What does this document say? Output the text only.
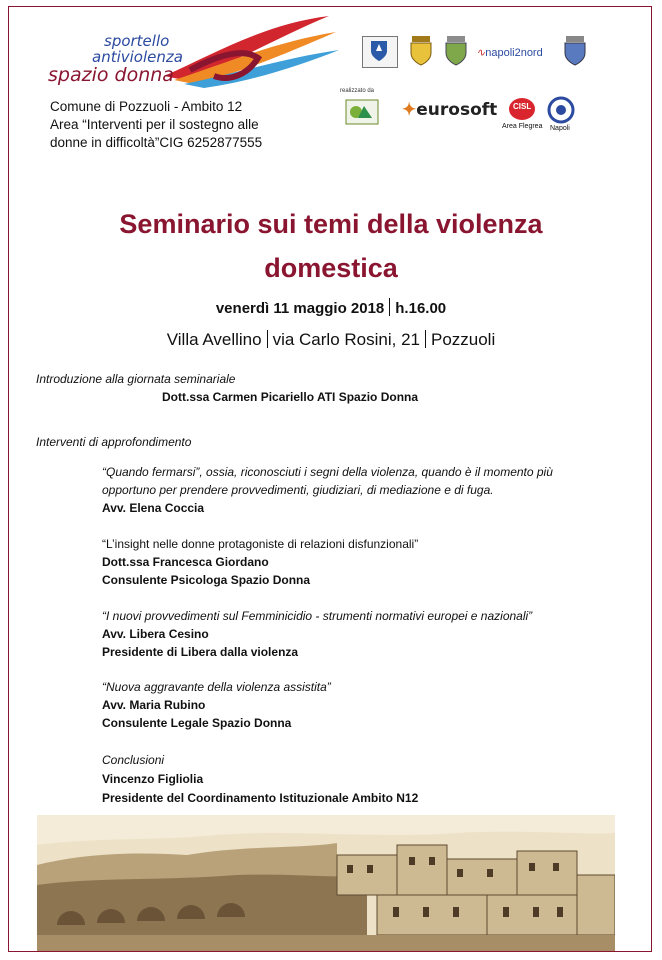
sportello
antiviolenza
spazio donna
∿napoli2nord
realizzato da
✦eurosoft CISL
Area Flegrea Napoli
Comune di Pozzuoli - Ambito 12
Area “Interventi per il sostegno alle
donne in difficoltà”CIG 6252877555
Seminario sui temi della violenza
domestica
venerdì 11 maggio 2018 h.16.00
Villa Avellino via Carlo Rosini, 21 Pozzuoli
Introduzione alla giornata seminariale
Dott.ssa Carmen Picariello ATI Spazio Donna
Interventi di approfondimento
“Quando fermarsi”, ossia, riconosciuti i segni della violenza, quando è il momento più
opportuno per prendere provvedimenti, giudiziari, di mediazione e di fuga.
Avv. Elena Coccia
“L’insight nelle donne protagoniste di relazioni disfunzionali”
Dott.ssa Francesca Giordano
Consulente Psicologa Spazio Donna
“I nuovi provvedimenti sul Femminicidio - strumenti normativi europei e nazionali”
Avv. Libera Cesino
Presidente di Libera dalla violenza
“Nuova aggravante della violenza assistita”
Avv. Maria Rubino
Consulente Legale Spazio Donna
Conclusioni
Vincenzo Figliolia
Presidente del Coordinamento Istituzionale Ambito N12
